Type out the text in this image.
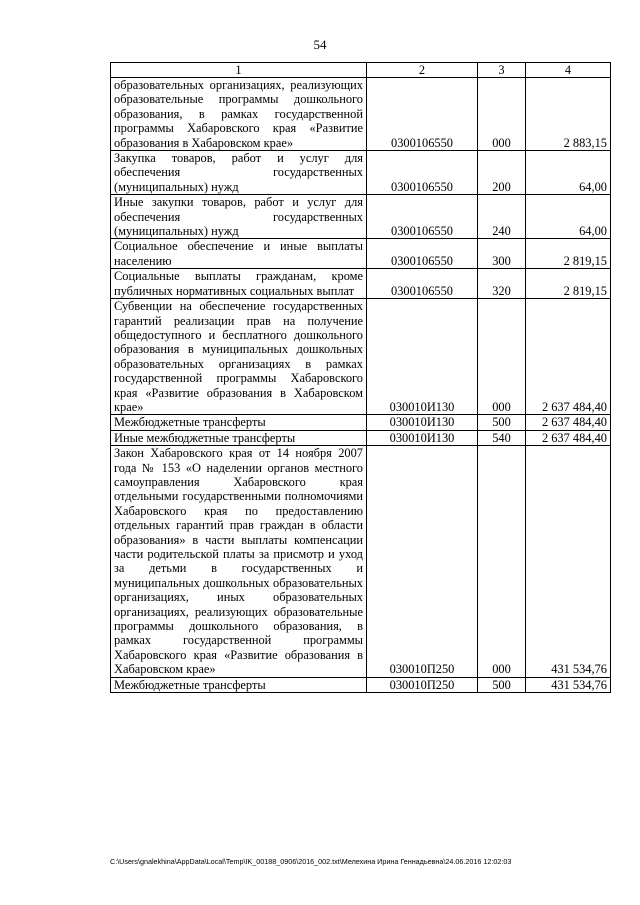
54
1	2	3	4
образовательных организациях, реализующих образовательные программы дошкольного образования, в рамках государственной программы Хабаровского края «Развитие образования в Хабаровском крае»	0300106550	000	2 883,15
Закупка товаров, работ и услуг для обеспечения государственных (муниципальных) нужд	0300106550	200	64,00
Иные закупки товаров, работ и услуг для обеспечения государственных (муниципальных) нужд	0300106550	240	64,00
Социальное обеспечение и иные выплаты населению	0300106550	300	2 819,15
Социальные выплаты гражданам, кроме публичных нормативных социальных выплат	0300106550	320	2 819,15
Субвенции на обеспечение государственных гарантий реализации прав на получение общедоступного и бесплатного дошкольного образования в муниципальных дошкольных образовательных организациях в рамках государственной программы Хабаровского края «Развитие образования в Хабаровском крае»	030010И130	000	2 637 484,40
Межбюджетные трансферты	030010И130	500	2 637 484,40
Иные межбюджетные трансферты	030010И130	540	2 637 484,40
Закон Хабаровского края от 14 ноября 2007 года № 153 «О наделении органов местного самоуправления Хабаровского края отдельными государственными полномочиями Хабаровского края по предоставлению отдельных гарантий прав граждан в области образования» в части выплаты компенсации части родительской платы за присмотр и уход за детьми в государственных и муниципальных дошкольных образовательных организациях, иных образовательных организациях, реализующих образовательные программы дошкольного образования, в рамках государственной программы Хабаровского края «Развитие образования в Хабаровском крае»	030010П250	000	431 534,76
Межбюджетные трансферты	030010П250	500	431 534,76
C:\Users\gnalekhina\AppData\Local\Temp\IK_00188_0906\2016_002.txt\Мелехина Ирина Геннадьевна\24.06.2016 12:02:03
